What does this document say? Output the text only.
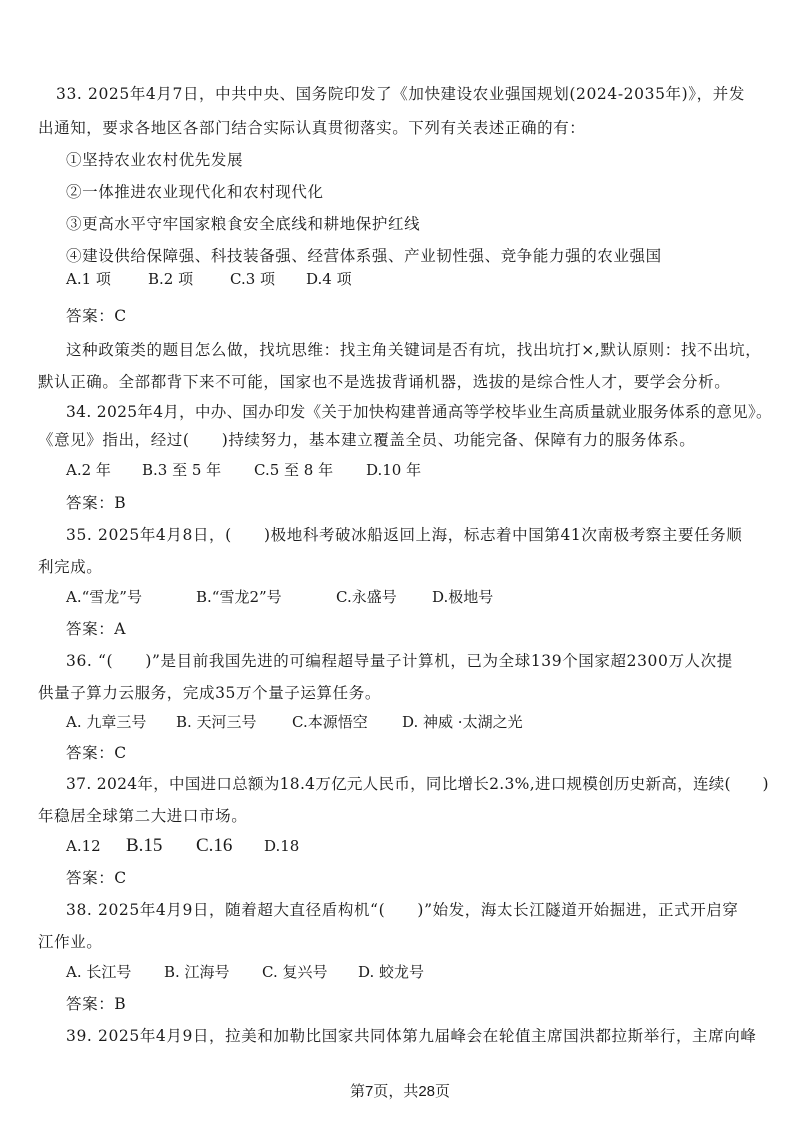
33. 2025年4月7日，中共中央、国务院印发了《加快建设农业强国规划(2024-2035年)》，并发
出通知，要求各地区各部门结合实际认真贯彻落实。下列有关表述正确的有：
①坚持农业农村优先发展
②一体推进农业现代化和农村现代化
③更高水平守牢国家粮食安全底线和耕地保护红线
④建设供给保障强、科技装备强、经营体系强、产业韧性强、竞争能力强的农业强国
A.1 项 B.2 项 C.3 项 D.4 项
答案：C
这种政策类的题目怎么做，找坑思维：找主角关键词是否有坑，找出坑打×,默认原则：找不出坑，
默认正确。全部都背下来不可能，国家也不是选拔背诵机器，选拔的是综合性人才，要学会分析。
34. 2025年4月，中办、国办印发《关于加快构建普通高等学校毕业生高质量就业服务体系的意见》。
《意见》指出，经过(　　)持续努力，基本建立覆盖全员、功能完备、保障有力的服务体系。
A.2 年 B.3 至 5 年 C.5 至 8 年 D.10 年
答案：B
35. 2025年4月8日，(　　)极地科考破冰船返回上海，标志着中国第41次南极考察主要任务顺
利完成。
A.“雪龙”号	B.“雪龙2”号	C.永盛号 D.极地号
答案：A
36. “(　　)”是目前我国先进的可编程超导量子计算机，已为全球139个国家超2300万人次提
供量子算力云服务，完成35万个量子运算任务。
A. 九章三号 B. 天河三号 C.本源悟空 D. 神威 ·太湖之光
答案：C
37. 2024年，中国进口总额为18.4万亿元人民币，同比增长2.3%,进口规模创历史新高，连续(　　)
年稳居全球第二大进口市场。
A.12 B.15 C.16 D.18
答案：C
38. 2025年4月9日，随着超大直径盾构机“(　　)”始发，海太长江隧道开始掘进，正式开启穿
江作业。
A. 长江号 B. 江海号 C. 复兴号 D. 蛟龙号
答案：B
39. 2025年4月9日，拉美和加勒比国家共同体第九届峰会在轮值主席国洪都拉斯举行，主席向峰
第7页，共28页
